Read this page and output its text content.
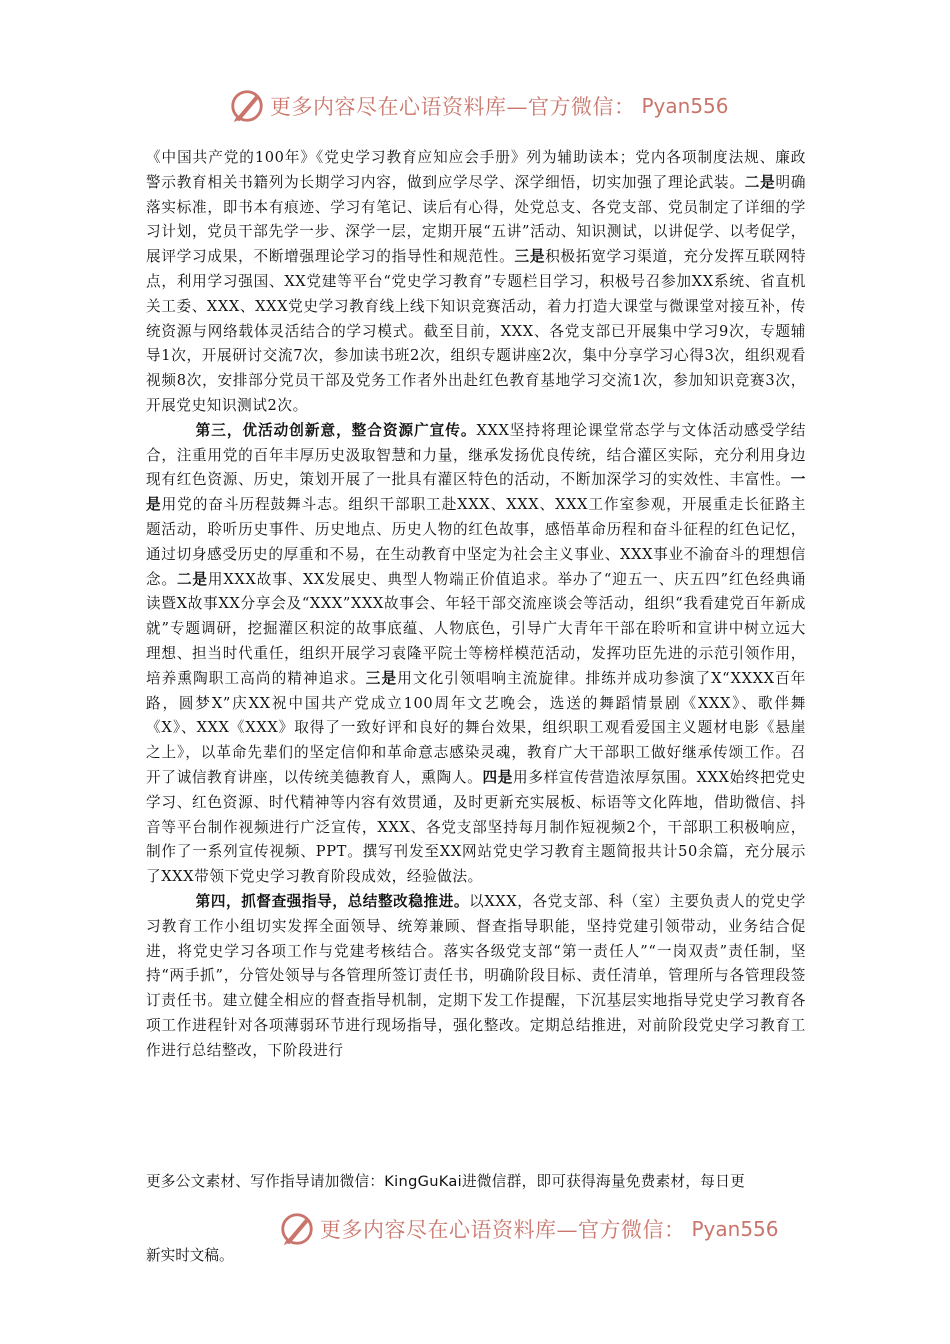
更多内容尽在心语资料库—官方微信： Pyan556

《中国共产党的100年》《党史学习教育应知应会手册》列为辅助读本；党内各项制度法规、廉政警示教育相关书籍列为长期学习内容，做到应学尽学、深学细悟，切实加强了理论武装。二是明确落实标准，即书本有痕迹、学习有笔记、读后有心得，处党总支、各党支部、党员制定了详细的学习计划，党员干部先学一步、深学一层，定期开展“五讲”活动、知识测试，以讲促学、以考促学，展评学习成果，不断增强理论学习的指导性和规范性。三是积极拓宽学习渠道，充分发挥互联网特点，利用学习强国、XX党建等平台“党史学习教育”专题栏目学习，积极号召参加XX系统、省直机关工委、XXX、XXX党史学习教育线上线下知识竞赛活动，着力打造大课堂与微课堂对接互补，传统资源与网络载体灵活结合的学习模式。截至目前，XXX、各党支部已开展集中学习9次，专题辅导1次，开展研讨交流7次，参加读书班2次，组织专题讲座2次，集中分享学习心得3次，组织观看视频8次，安排部分党员干部及党务工作者外出赴红色教育基地学习交流1次，参加知识竞赛3次，开展党史知识测试2次。

第三，优活动创新意，整合资源广宣传。XXX坚持将理论课堂常态学与文体活动感受学结合，注重用党的百年丰厚历史汲取智慧和力量，继承发扬优良传统，结合灌区实际，充分利用身边现有红色资源、历史，策划开展了一批具有灌区特色的活动，不断加深学习的实效性、丰富性。一是用党的奋斗历程鼓舞斗志。组织干部职工赴XXX、XXX、XXX工作室参观，开展重走长征路主题活动，聆听历史事件、历史地点、历史人物的红色故事，感悟革命历程和奋斗征程的红色记忆，通过切身感受历史的厚重和不易，在生动教育中坚定为社会主义事业、XXX事业不渝奋斗的理想信念。二是用XXX故事、XX发展史、典型人物端正价值追求。举办了“迎五一、庆五四”红色经典诵读暨X故事XX分享会及“XXX”XXX故事会、年轻干部交流座谈会等活动，组织“我看建党百年新成就”专题调研，挖掘灌区积淀的故事底蕴、人物底色，引导广大青年干部在聆听和宣讲中树立远大理想、担当时代重任，组织开展学习袁隆平院士等榜样模范活动，发挥功臣先进的示范引领作用，培养熏陶职工高尚的精神追求。三是用文化引领唱响主流旋律。排练并成功参演了X“XXXX百年路，圆梦X”庆XX祝中国共产党成立100周年文艺晚会，选送的舞蹈情景剧《XXX》、歌伴舞《X》、XXX《XXX》取得了一致好评和良好的舞台效果，组织职工观看爱国主义题材电影《悬崖之上》，以革命先辈们的坚定信仰和革命意志感染灵魂，教育广大干部职工做好继承传颂工作。召开了诚信教育讲座，以传统美德教育人，熏陶人。四是用多样宣传营造浓厚氛围。XXX始终把党史学习、红色资源、时代精神等内容有效贯通，及时更新充实展板、标语等文化阵地，借助微信、抖音等平台制作视频进行广泛宣传，XXX、各党支部坚持每月制作短视频2个，干部职工积极响应，制作了一系列宣传视频、PPT。撰写刊发至XX网站党史学习教育主题简报共计50余篇，充分展示了XXX带领下党史学习教育阶段成效，经验做法。

第四，抓督查强指导，总结整改稳推进。以XXX，各党支部、科（室）主要负责人的党史学习教育工作小组切实发挥全面领导、统筹兼顾、督查指导职能，坚持党建引领带动，业务结合促进，将党史学习各项工作与党建考核结合。落实各级党支部“第一责任人”“一岗双责”责任制，坚持“两手抓”，分管处领导与各管理所签订责任书，明确阶段目标、责任清单，管理所与各管理段签订责任书。建立健全相应的督查指导机制，定期下发工作提醒，下沉基层实地指导党史学习教育各项工作进程针对各项薄弱环节进行现场指导，强化整改。定期总结推进，对前阶段党史学习教育工作进行总结整改，下阶段进行

更多公文素材、写作指导请加微信：KingGuKai进微信群，即可获得海量免费素材，每日更
更多内容尽在心语资料库—官方微信： Pyan556
新实时文稿。
